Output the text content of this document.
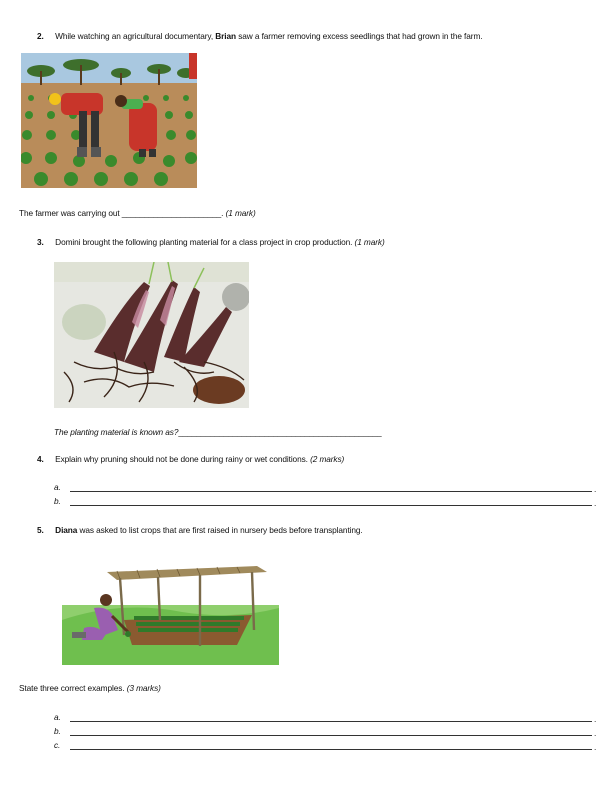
2. While watching an agricultural documentary, Brian saw a farmer removing excess seedlings that had grown in the farm.
The farmer was carrying out ______________________. (1 mark)
3. Domini brought the following planting material for a class project in crop production. (1 mark)
The planting material is known as?_____________________________________________
4. Explain why pruning should not be done during rainy or wet conditions. (2 marks)
a.	.
b.	.
5. Diana was asked to list crops that are first raised in nursery beds before transplanting.
State three correct examples. (3 marks)
a.	.
b.	.
c.	.
